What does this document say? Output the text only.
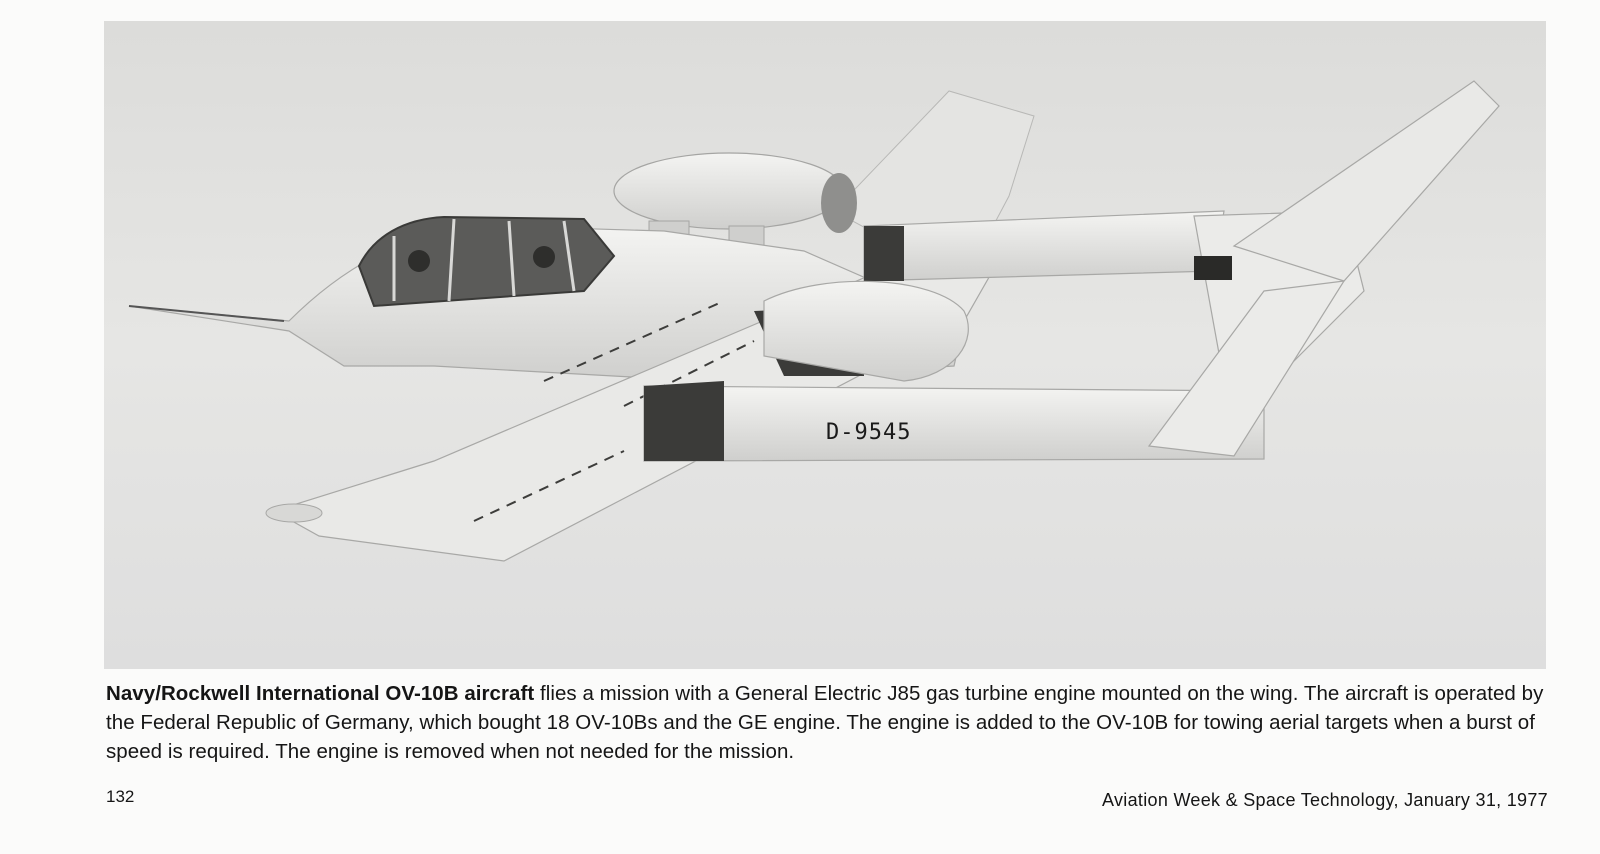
D-9545

Navy/Rockwell International OV-10B aircraft flies a mission with a General Electric J85 gas turbine engine mounted on the wing. The aircraft is operated by the Federal Republic of Germany, which bought 18 OV-10Bs and the GE engine. The engine is added to the OV-10B for towing aerial targets when a burst of speed is required. The engine is removed when not needed for the mission.

132	Aviation Week & Space Technology, January 31, 1977
